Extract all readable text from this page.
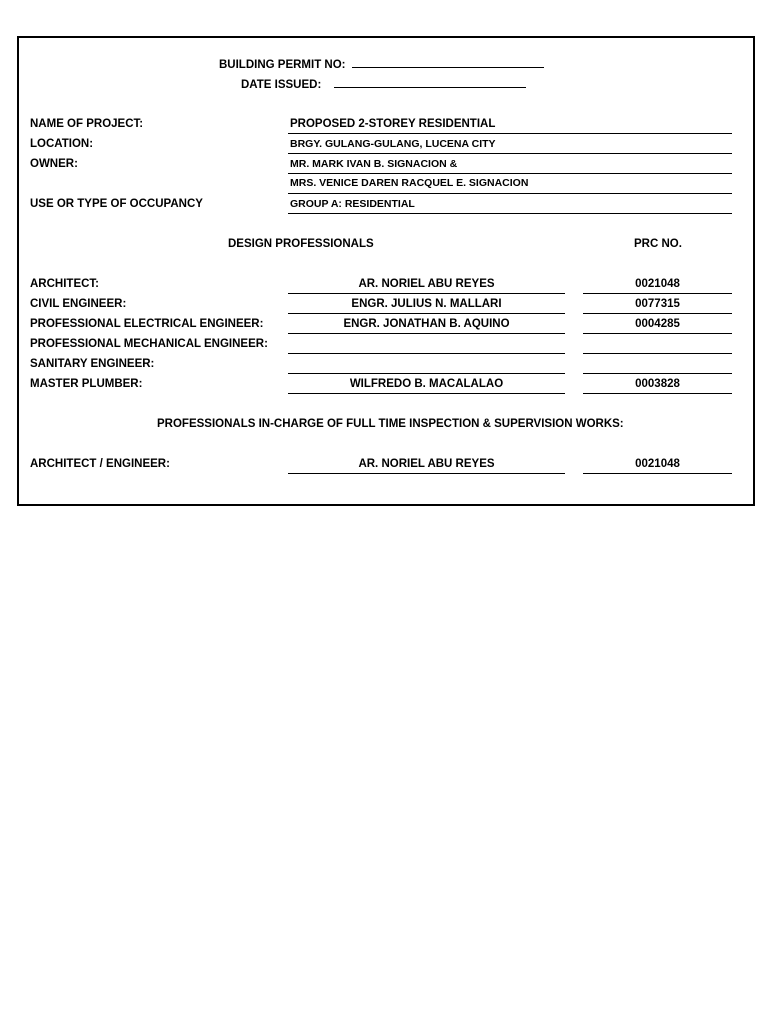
BUILDING PERMIT NO:
DATE ISSUED:
NAME OF PROJECT:	PROPOSED 2-STOREY RESIDENTIAL
LOCATION:	BRGY. GULANG-GULANG, LUCENA CITY
OWNER:	MR. MARK IVAN B. SIGNACION &
MRS. VENICE DAREN RACQUEL E. SIGNACION
USE OR TYPE OF OCCUPANCY	GROUP A: RESIDENTIAL
DESIGN PROFESSIONALS	PRC NO.
ARCHITECT:	AR. NORIEL ABU REYES	0021048
CIVIL ENGINEER:	ENGR. JULIUS N. MALLARI	0077315
PROFESSIONAL ELECTRICAL ENGINEER:	ENGR. JONATHAN B. AQUINO	0004285
PROFESSIONAL MECHANICAL ENGINEER:
SANITARY ENGINEER:
MASTER PLUMBER:	WILFREDO B. MACALALAO	0003828
PROFESSIONALS IN-CHARGE OF FULL TIME INSPECTION & SUPERVISION WORKS:
ARCHITECT / ENGINEER:	AR. NORIEL ABU REYES	0021048
